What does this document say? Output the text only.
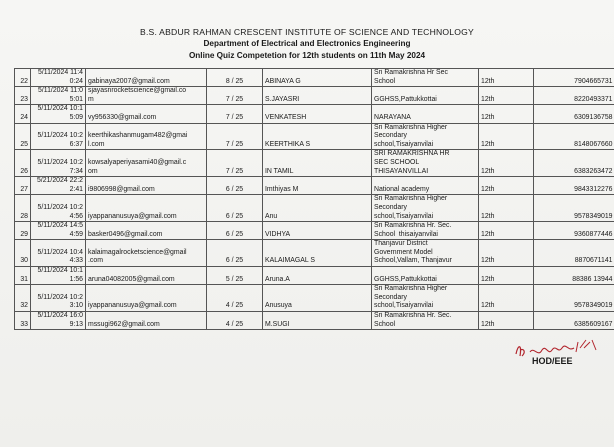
B.S. ABDUR RAHMAN CRESCENT INSTITUTE OF SCIENCE AND TECHNOLOGY
Department of Electrical and Electronics Engineering
Online Quiz Competetion for 12th students on 11th May 2024
22	5/11/2024 11:40:24	gabinaya2007@gmail.com	8 / 25	ABINAYA G	Sri Ramakrishna Hr Sec
School	12th	7904665731
23	5/11/2024 11:05:01	sjayasnrocketscience@gmail.co
m	7 / 25	S.JAYASRI	GGHSS,Pattukkottai	12th	8220493371
24	5/11/2024 10:15:09	vy956330@gmail.com	7 / 25	VENKATESH	NARAYANA	12th	6309136758
25	5/11/2024 10:26:37	keerthikashanmugam482@gmai
l.com	7 / 25	KEERTHIKA S	Sri Ramakrishna Higher
Secondary
school,Tisaiyanvilai	12th	8148067660
26	5/11/2024 10:27:34	kowsalyaperiyasami40@gmail.c
om	7 / 25	IN TAMIL	SRI RAMAKRISHNA HR
SEC SCHOOL
THISAYANVILLAI	12th	6383263472
27	5/21/2024 22:22:41	i9806998@gmail.com	6 / 25	Imthiyas M	National academy	12th	9843312276
28	5/11/2024 10:24:56	iyappananusuya@gmail.com	6 / 25	Anu	Sri Ramakrishna Higher
Secondary
school,Tisaiyanvilai	12th	9578349019
29	5/11/2024 14:54:59	basker0496@gmail.com	6 / 25	VIDHYA	Sri Ramakrishna Hr. Sec.
School  thisaiyanvilai	12th	9360877446
30	5/11/2024 10:44:33	kalaimagalrocketscience@gmail
.com	6 / 25	KALAIMAGAL S	Thanjavur District
Government Model
School,Vallam, Thanjavur	12th	8870671141
31	5/11/2024 10:11:56	aruna04082005@gmail.com	5 / 25	Aruna.A	GGHSS,Pattukkottai	12th	88386 13944
32	5/11/2024 10:23:10	iyappananusuya@gmail.com	4 / 25	Anusuya	Sri Ramakrishna Higher
Secondary
school,Tisaiyanvilai	12th	9578349019
33	5/11/2024 16:09:13	mssugi962@gmail.com	4 / 25	M.SUGI	Sri Ramakrishna Hr. Sec.
School	12th	6385609167
HOD/EEE
